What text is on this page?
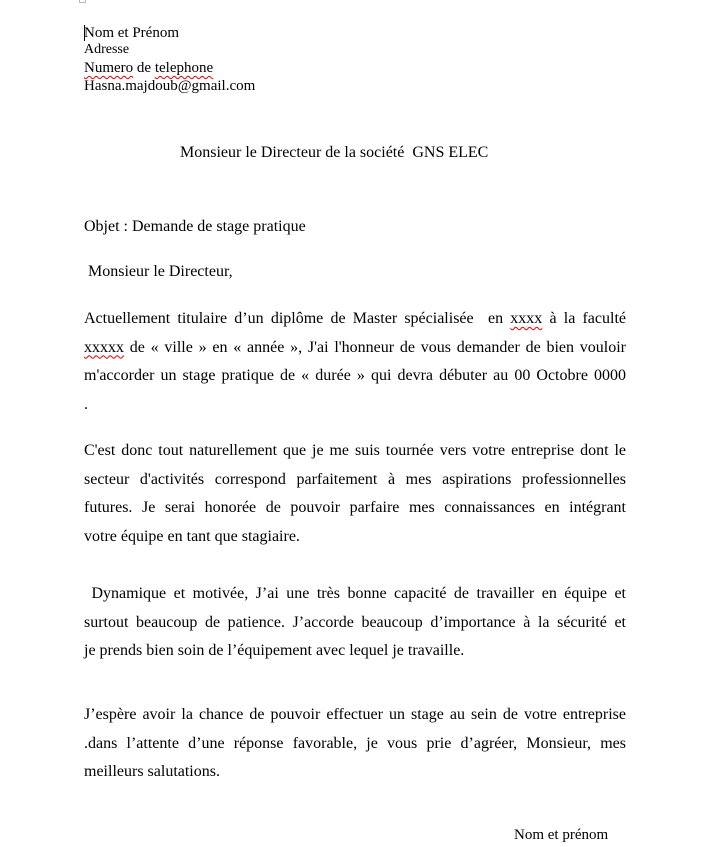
Nom et Prénom
Adresse
Numero de telephone
Hasna.majdoub@gmail.com
Monsieur le Directeur de la société  GNS ELEC
Objet : Demande de stage pratique
Monsieur le Directeur,
Actuellement titulaire d’un diplôme de Master spécialisée  en xxxx à la faculté
xxxxx de « ville » en « année », J'ai l'honneur de vous demander de bien vouloir
m'accorder un stage pratique de « durée » qui devra débuter au 00 Octobre 0000
.
C'est donc tout naturellement que je me suis tournée vers votre entreprise dont le
secteur d'activités correspond parfaitement à mes aspirations professionnelles
futures. Je serai honorée de pouvoir parfaire mes connaissances en intégrant
votre équipe en tant que stagiaire.
Dynamique et motivée, J’ai une très bonne capacité de travailler en équipe et
surtout beaucoup de patience. J’accorde beaucoup d’importance à la sécurité et
je prends bien soin de l’équipement avec lequel je travaille.
J’espère avoir la chance de pouvoir effectuer un stage au sein de votre entreprise
.dans l’attente d’une réponse favorable, je vous prie d’agréer, Monsieur, mes
meilleurs salutations.
Nom et prénom
